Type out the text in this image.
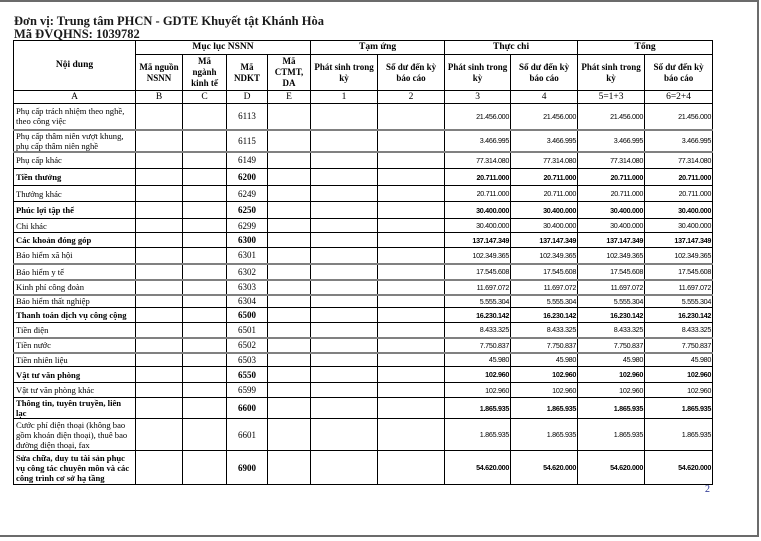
Đơn vị: Trung tâm PHCN - GDTE Khuyết tật Khánh Hòa
Mã ĐVQHNS: 1039782
Nội dung	Mục lục NSNN				Tạm ứng		Thực chi		Tổng	
	Mã nguồn NSNN	Mã ngành kinh tế	Mã NDKT	Mã CTMT, DA	Phát sinh trong kỳ	Số dư đến kỳ báo cáo	Phát sinh trong kỳ	Số dư đến kỳ báo cáo	Phát sinh trong kỳ	Số dư đến kỳ báo cáo
A	B	C	D	E	1	2	3	4	5=1+3	6=2+4
Phụ cấp trách nhiệm theo nghề, theo công việc			6113				21.456.000	21.456.000	21.456.000	21.456.000
Phụ cấp thâm niên vượt khung, phụ cấp thâm niên nghề			6115				3.466.995	3.466.995	3.466.995	3.466.995
Phụ cấp khác			6149				77.314.080	77.314.080	77.314.080	77.314.080
Tiền thưởng			6200				20.711.000	20.711.000	20.711.000	20.711.000
Thưởng khác			6249				20.711.000	20.711.000	20.711.000	20.711.000
Phúc lợi tập thể			6250				30.400.000	30.400.000	30.400.000	30.400.000
Chi khác			6299				30.400.000	30.400.000	30.400.000	30.400.000
Các khoản đóng góp			6300				137.147.349	137.147.349	137.147.349	137.147.349
Bảo hiểm xã hội			6301				102.349.365	102.349.365	102.349.365	102.349.365
Bảo hiểm y tế			6302				17.545.608	17.545.608	17.545.608	17.545.608
Kinh phí công đoàn			6303				11.697.072	11.697.072	11.697.072	11.697.072
Bảo hiểm thất nghiệp			6304				5.555.304	5.555.304	5.555.304	5.555.304
Thanh toán dịch vụ công cộng			6500				16.230.142	16.230.142	16.230.142	16.230.142
Tiền điện			6501				8.433.325	8.433.325	8.433.325	8.433.325
Tiền nước			6502				7.750.837	7.750.837	7.750.837	7.750.837
Tiền nhiên liệu			6503				45.980	45.980	45.980	45.980
Vật tư văn phòng			6550				102.960	102.960	102.960	102.960
Vật tư văn phòng khác			6599				102.960	102.960	102.960	102.960
Thông tin, tuyên truyền, liên lạc			6600				1.865.935	1.865.935	1.865.935	1.865.935
Cước phí điện thoại (không bao gồm khoán điện thoại), thuê bao đường điện thoại, fax			6601				1.865.935	1.865.935	1.865.935	1.865.935
Sửa chữa, duy tu tài sản phục vụ công tác chuyên môn và các công trình cơ sở hạ tầng			6900				54.620.000	54.620.000	54.620.000	54.620.000
2
